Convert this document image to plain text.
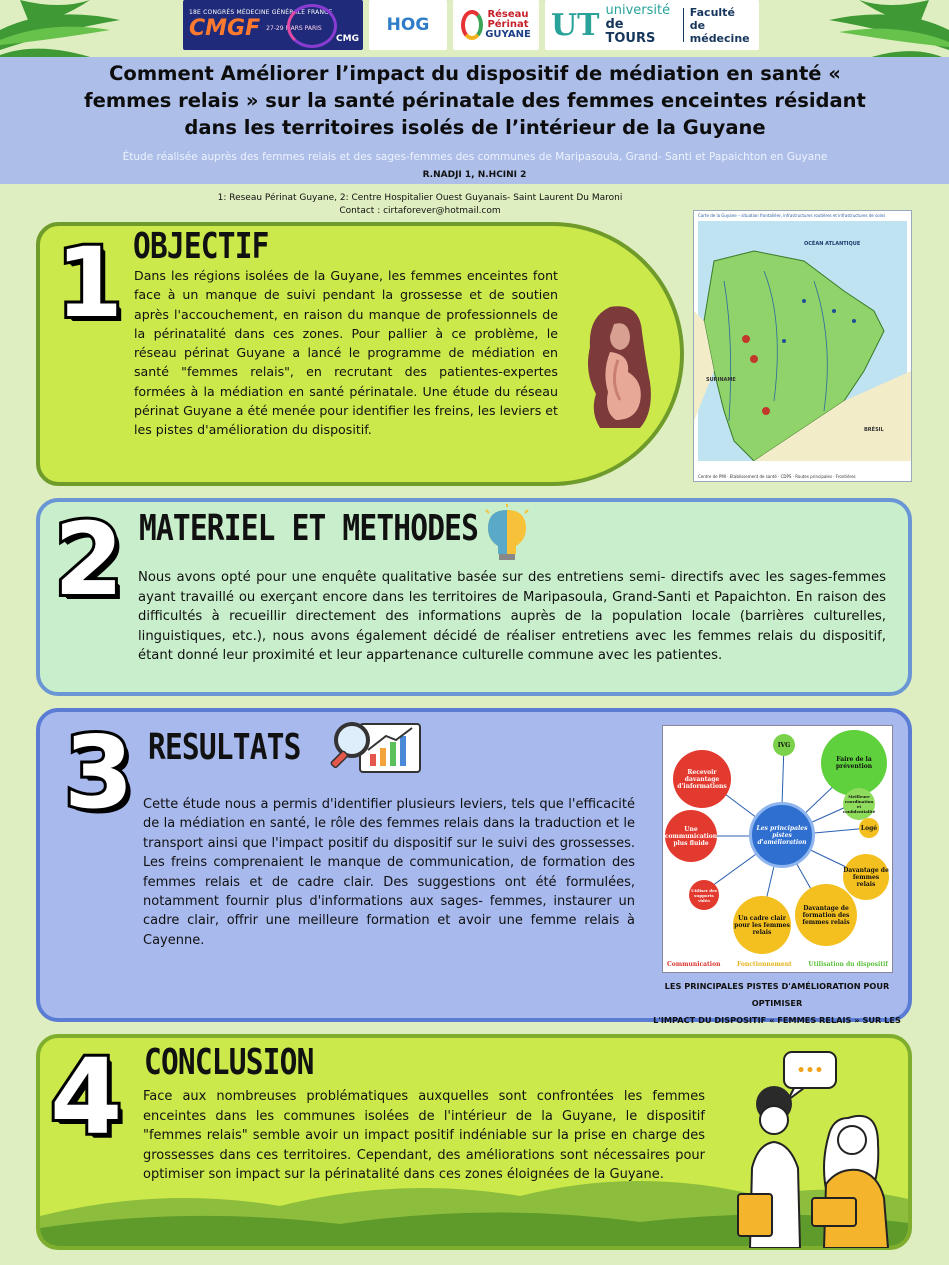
18E CONGRÈS MÉDECINE GÉNÉRALE FRANCE
CMGF 27-29 MARS PARIS
CMG
HOG
Réseau
Périnat
GUYANE UT université
de TOURS
Faculté de
médecine
Comment Améliorer l’impact du dispositif de médiation en santé « femmes relais » sur la santé périnatale des femmes enceintes résidant dans les territoires isolés de l’intérieur de la Guyane
Étude réalisée auprès des femmes relais et des sages-femmes des communes de Maripasoula, Grand- Santi et Papaichton en Guyane
R.NADJI 1, N.HCINI 2
1: Reseau Périnat Guyane, 2: Centre Hospitalier Ouest Guyanais- Saint Laurent Du Maroni
Contact : cirtaforever@hotmail.com
1 OBJECTIF

Dans les régions isolées de la Guyane, les femmes enceintes font face à un manque de suivi pendant la grossesse et de soutien après l'accouchement, en raison du manque de professionnels de la périnatalité dans ces zones. Pour pallier à ce problème, le réseau périnat Guyane a lancé le programme de médiation en santé "femmes relais", en recrutant des patientes-expertes formées à la médiation en santé périnatale. Une étude du réseau périnat Guyane a été menée pour identifier les freins, les leviers et les pistes d'amélioration du dispositif.

Carte de la Guyane – situation frontalière, infrastructures routières et infrastructures de soins
OCÉAN ATLANTIQUE
SURINAME
BRÉSIL
Centre de PMI · Etablissement de santé · CDPS · Routes principales · Frontières
2 MATERIEL ET METHODES

Nous avons opté pour une enquête qualitative basée sur des entretiens semi- directifs avec les sages-femmes ayant travaillé ou exerçant encore dans les territoires de Maripasoula, Grand-Santi et Papaichton. En raison des difficultés à recueillir directement des informations auprès de la population locale (barrières culturelles, linguistiques, etc.), nous avons également décidé de réaliser entretiens avec les femmes relais du dispositif, étant donné leur proximité et leur appartenance culturelle commune avec les patientes.

3 RESULTATS

Cette étude nous a permis d'identifier plusieurs leviers, tels que l'efficacité de la médiation en santé, le rôle des femmes relais dans la traduction et le transport ainsi que l'impact positif du dispositif sur le suivi des grossesses. Les freins comprenaient le manque de communication, de formation des femmes relais et de cadre clair. Des suggestions ont été formulées, notamment fournir plus d'informations aux sages- femmes, instaurer un cadre clair, offrir une meilleure formation et avoir une femme relais à Cayenne.

Les principales pistes d'amélioration
Recevoir davantage d'informations
IVG
Faire de la prévention
Meilleure coordination et confidentialité
Logé
Une communication plus fluide
Utiliser des supports vidéo
Davantage de femmes relais
Un cadre clair pour les femmes relais
Davantage de formation des femmes relais
Communication	Fonctionnement	Utilisation du dispositif
LES PRINCIPALES PISTES D'AMÉLIORATION POUR OPTIMISER
L'IMPACT DU DISPOSITIF « FEMMES RELAIS » SUR LES
4 CONCLUSION

Face aux nombreuses problématiques auxquelles sont confrontées les femmes enceintes dans les communes isolées de l'intérieur de la Guyane, le dispositif "femmes relais" semble avoir un impact positif indéniable sur la prise en charge des grossesses dans ces territoires. Cependant, des améliorations sont nécessaires pour optimiser son impact sur la périnatalité dans ces zones éloignées de la Guyane.

•••
